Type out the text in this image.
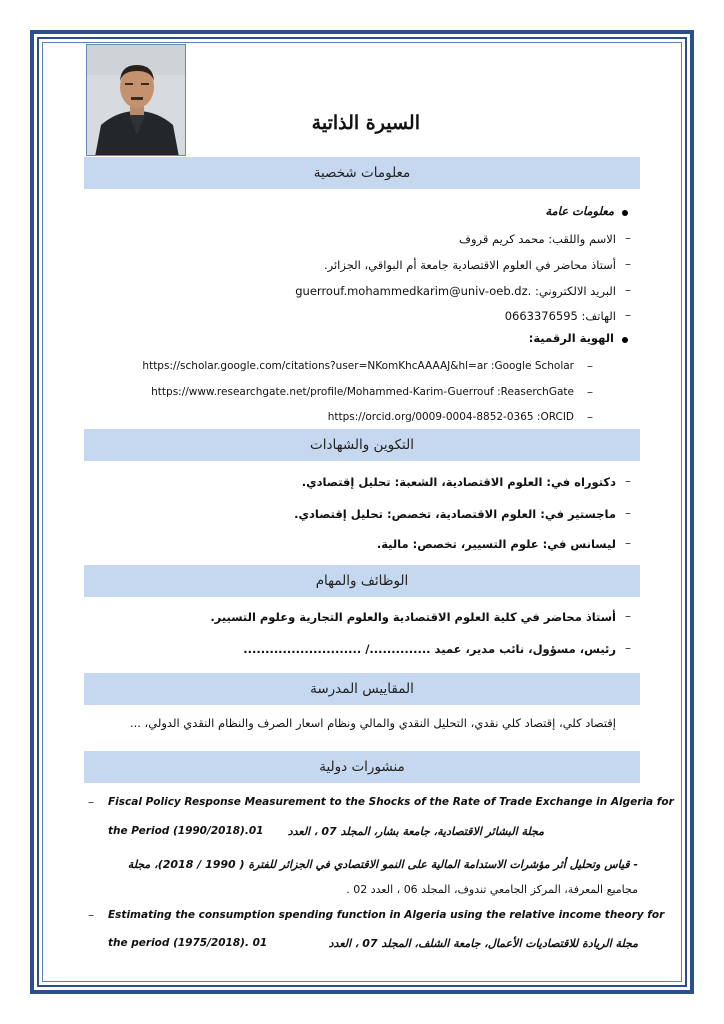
السيرة الذاتية
معلومات شخصية
معلومات عامة
–
الاسم واللقب: محمد كريم قروف
–
أستاذ محاضر في العلوم الاقتصادية جامعة أم البواقي، الجزائر.
–
البريد الالكتروني: .guerrouf.mohammedkarim@univ-oeb.dz
–
الهاتف: 0663376595
الهوية الرقمية:
–
https://scholar.google.com/citations?user=NKomKhcAAAAJ&hl=ar :Google Scholar
–
https://www.researchgate.net/profile/Mohammed-Karim-Guerrouf :ReaserchGate
–
https://orcid.org/0009-0004-8852-0365 :ORCID
التكوين والشهادات
–
دكتوراه في: العلوم الاقتصادية، الشعبة: تحليل إقتصادي.
–
ماجستير في: العلوم الاقتصادية، تخصص: تحليل إقتصادي.
–
ليسانس في: علوم التسيير، تخصص: مالية.
الوظائف والمهام
–
أستاذ محاضر في كلية العلوم الاقتصادية والعلوم التجارية وعلوم التسيير.
–
رئيس، مسؤول، نائب مدير، عميد ............../ ...........................
المقاييس المدرسة
إقتصاد كلي، إقتصاد كلي نقدي، التحليل النقدي والمالي ونظام اسعار الصرف والنظام النقدي الدولي، ...
منشورات دولية
– Fiscal Policy Response Measurement to the Shocks of the Rate of Trade Exchange in Algeria for
the Period (1990/2018).01 مجلة البشائر الاقتصادية، جامعة بشار، المجلد 07 ، العدد
- قياس وتحليل أثر مؤشرات الاستدامة المالية على النمو الاقتصادي في الجزائر للفترة ( 1990 / 2018)، مجلة
مجاميع المعرفة، المركز الجامعي تندوف، المجلد 06 ، العدد 02 .
– Estimating the consumption spending function in Algeria using the relative income theory for
the period (1975/2018). 01	مجلة الريادة للاقتصاديات الأعمال، جامعة الشلف، المجلد 07 ، العدد
